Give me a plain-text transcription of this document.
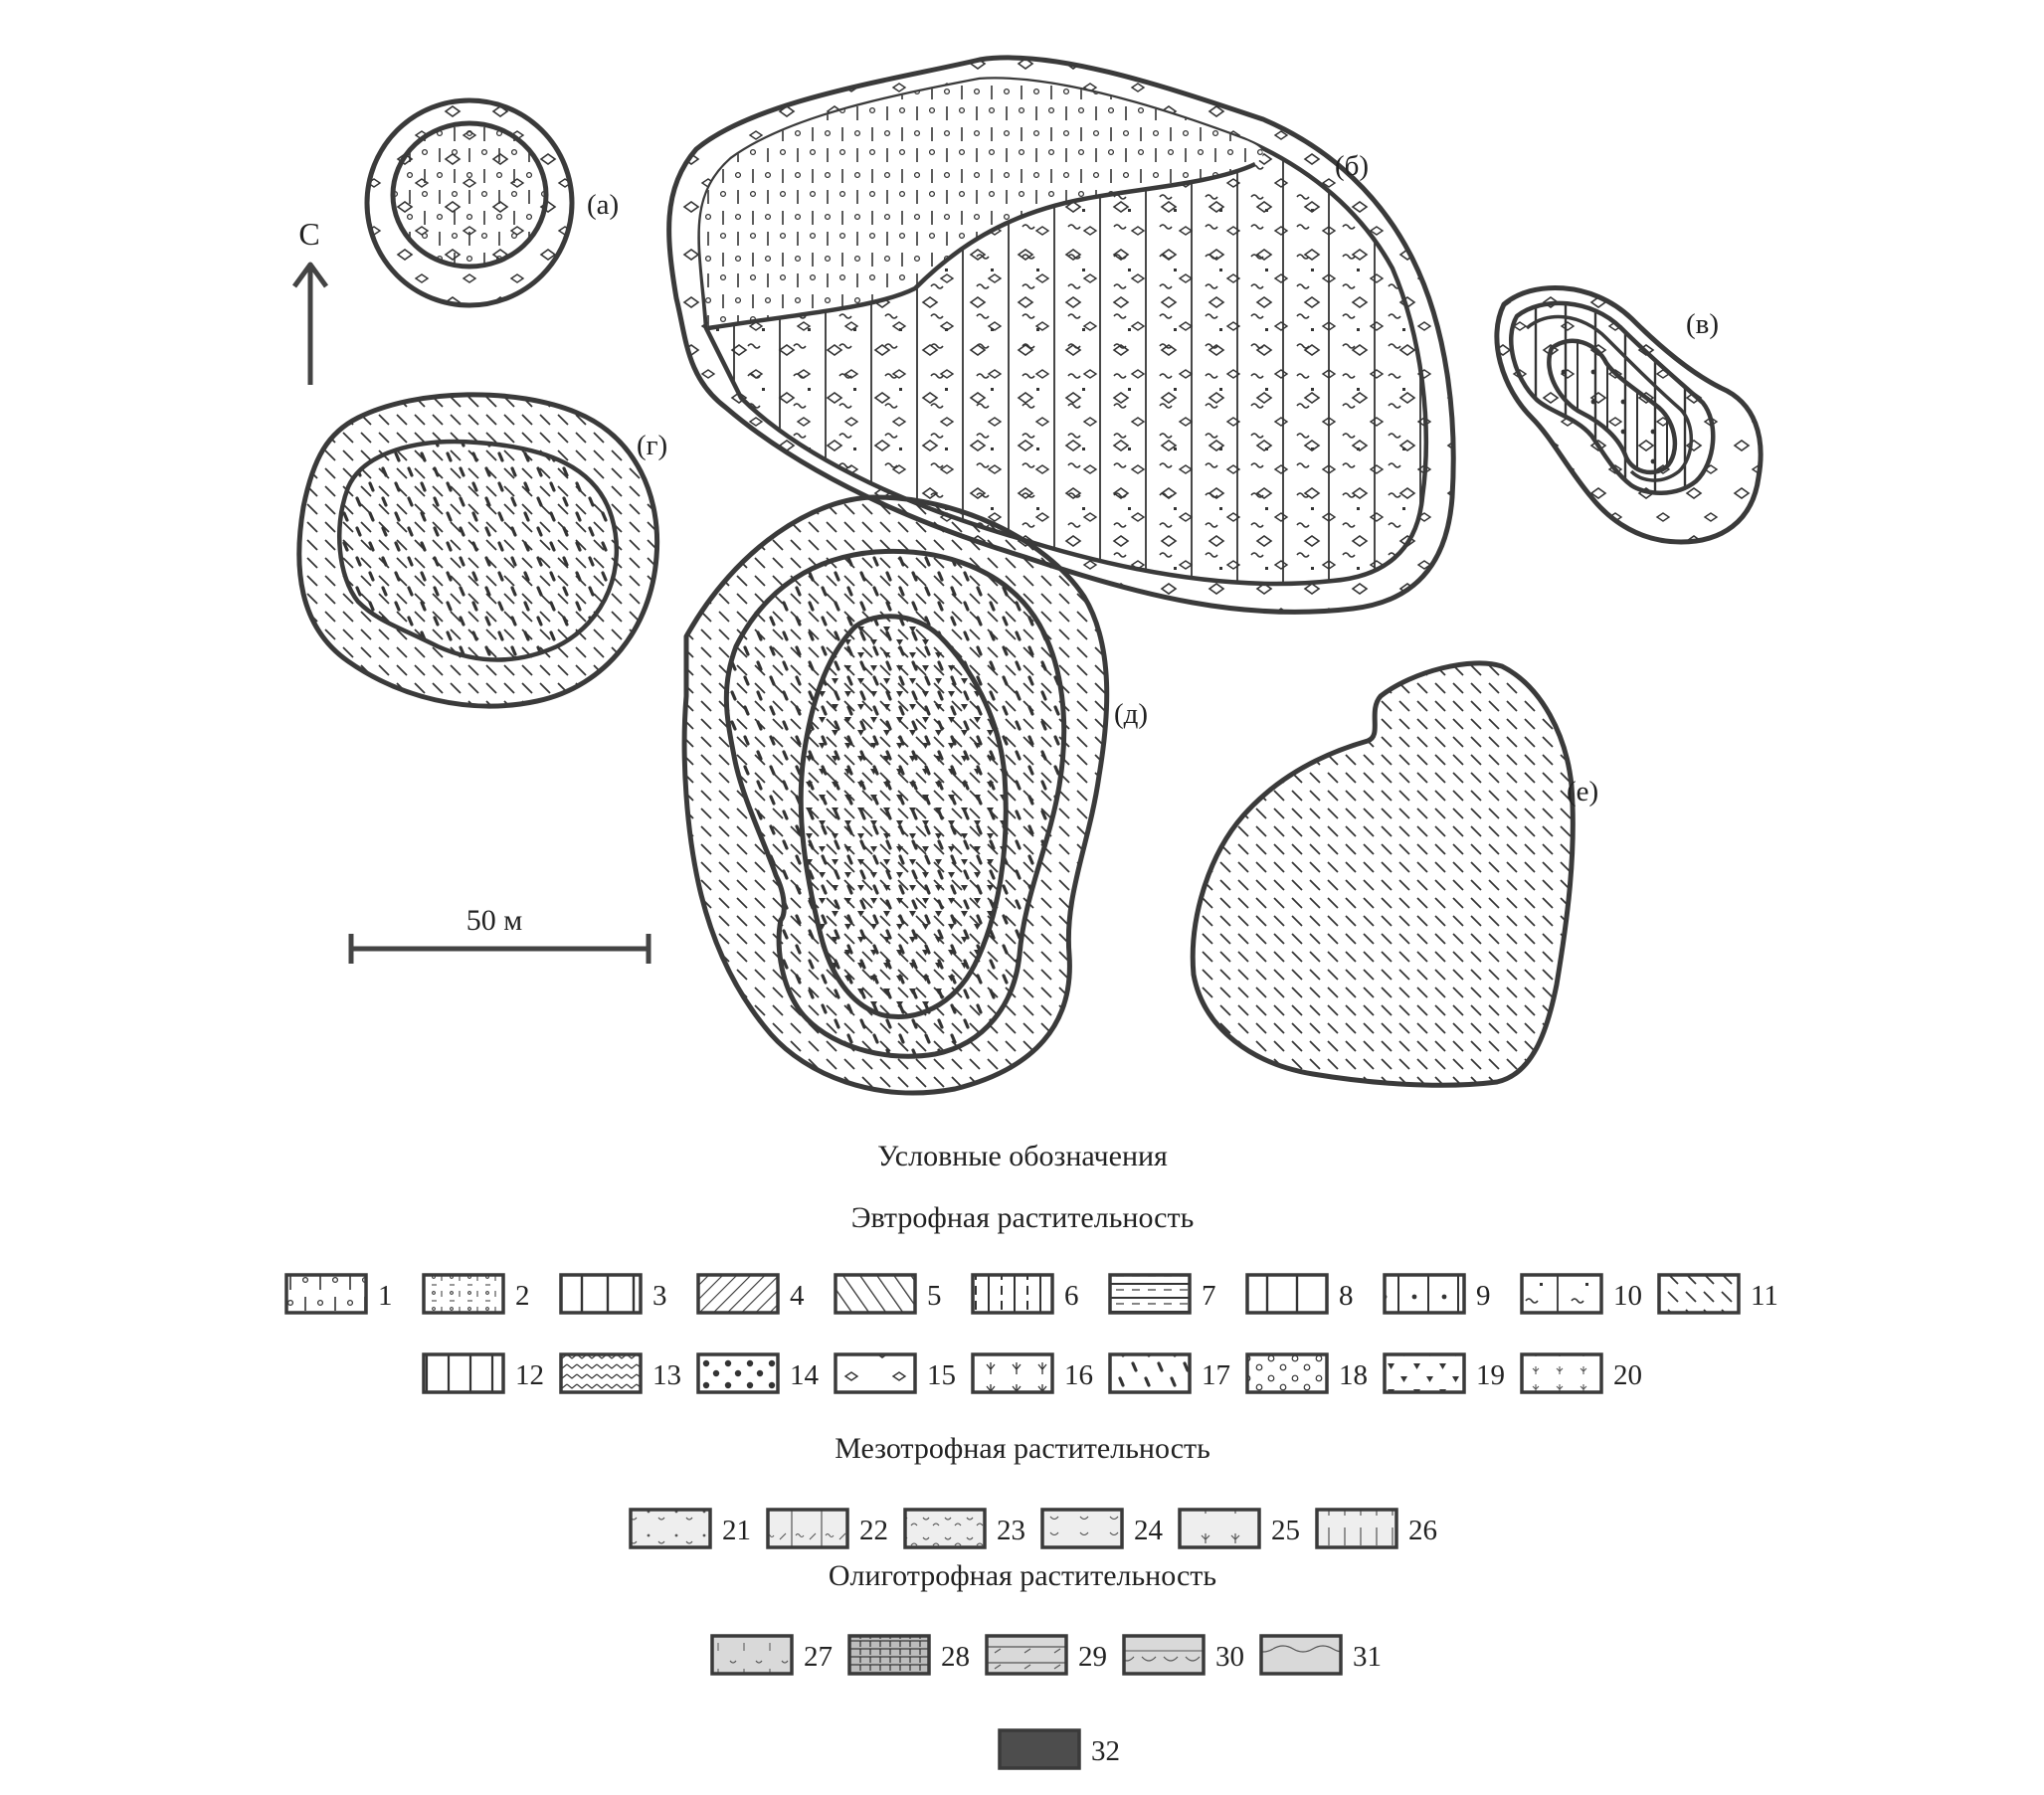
(а)
(б)
(в)
(г)
(д)
(е)
С
50 м
Условные обозначения
Эвтрофная растительность
1	2	3	4	5	6	7	8	9	10	11
12	13	14	15	16	17	18	19	20
Мезотрофная растительность
21	22	23	24	25	26
Олиготрофная растительность
27	28	29	30	31
32
